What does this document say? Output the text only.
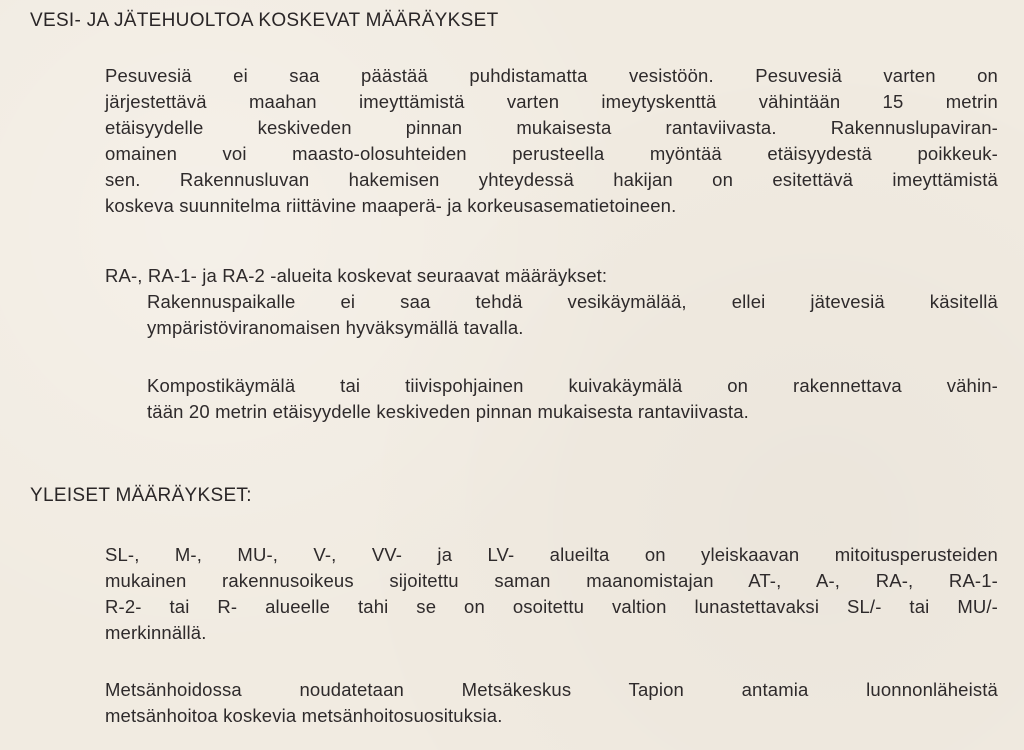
VESI- JA JÄTEHUOLTOA KOSKEVAT MÄÄRÄYKSET
Pesuvesiä ei saa päästää puhdistamatta vesistöön. Pesuvesiä varten on
järjestettävä maahan imeyttämistä varten imeytyskenttä vähintään 15 metrin
etäisyydelle keskiveden pinnan mukaisesta rantaviivasta. Rakennuslupaviran-
omainen voi maasto-olosuhteiden perusteella myöntää etäisyydestä poikkeuk-
sen. Rakennusluvan hakemisen yhteydessä hakijan on esitettävä imeyttämistä
koskeva suunnitelma riittävine maaperä- ja korkeusasematietoineen.
RA-, RA-1- ja RA-2 -alueita koskevat seuraavat määräykset:
Rakennuspaikalle ei saa tehdä vesikäymälää, ellei jätevesiä käsitellä
ympäristöviranomaisen hyväksymällä tavalla.
Kompostikäymälä tai tiivispohjainen kuivakäymälä on rakennettava vähin-
tään 20 metrin etäisyydelle keskiveden pinnan mukaisesta rantaviivasta.
YLEISET MÄÄRÄYKSET:
SL-, M-, MU-, V-, VV- ja LV- alueilta on yleiskaavan mitoitusperusteiden
mukainen rakennusoikeus sijoitettu saman maanomistajan AT-, A-, RA-, RA-1-
R-2- tai R- alueelle tahi se on osoitettu valtion lunastettavaksi SL/- tai MU/-
merkinnällä.
Metsänhoidossa noudatetaan Metsäkeskus Tapion antamia luonnonläheistä
metsänhoitoa koskevia metsänhoitosuosituksia.
